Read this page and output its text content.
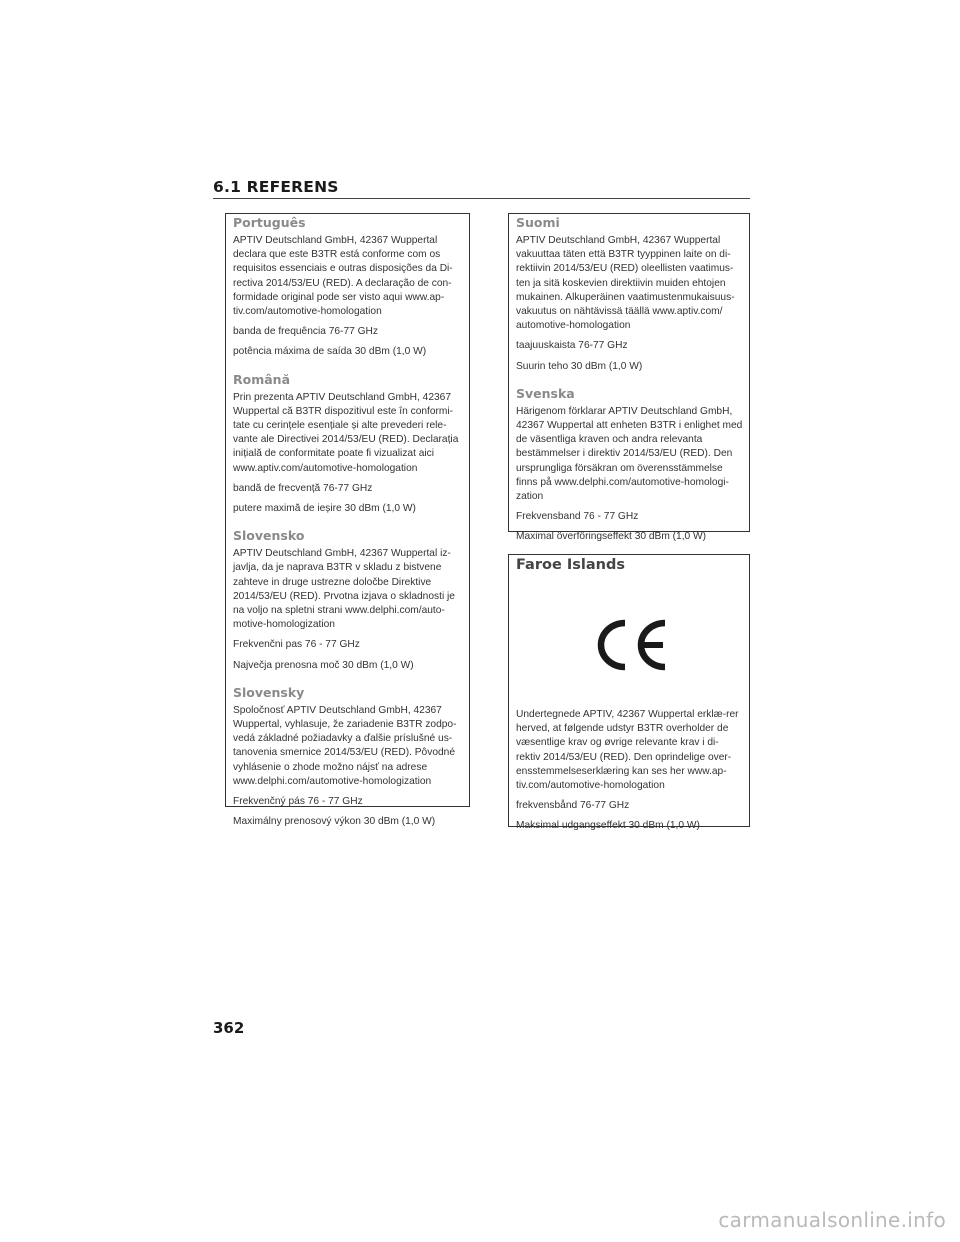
6.1 REFERENS
Português

APTIV Deutschland GmbH, 42367 Wuppertal declara que este B3TR está conforme com os requisitos essenciais e outras disposições da Di-rectiva 2014/53/EU (RED). A declaração de con-formidade original pode ser visto aqui www.ap-tiv.com/automotive-homologation

banda de frequência 76-77 GHz

potência máxima de saída 30 dBm (1,0 W)

Română

Prin prezenta APTIV Deutschland GmbH, 42367 Wuppertal că B3TR dispozitivul este în conformi-tate cu cerințele esențiale și alte prevederi rele-vante ale Directivei 2014/53/EU (RED). Declarația inițială de conformitate poate fi vizualizat aici www.aptiv.com/automotive-homologation

bandă de frecvență 76-77 GHz

putere maximă de ieșire 30 dBm (1,0 W)

Slovensko

APTIV Deutschland GmbH, 42367 Wuppertal iz-javlja, da je naprava B3TR v skladu z bistvene zahteve in druge ustrezne določbe Direktive 2014/53/EU (RED). Prvotna izjava o skladnosti je na voljo na spletni strani www.delphi.com/auto-motive-homologization

Frekvenčni pas 76 - 77 GHz

Največja prenosna moč 30 dBm (1,0 W)

Slovensky

Spoločnosť APTIV Deutschland GmbH, 42367 Wuppertal, vyhlasuje, že zariadenie B3TR zodpo-vedá základné požiadavky a ďalšie príslušné us-tanovenia smernice 2014/53/EU (RED). Pôvodné vyhlásenie o zhode možno nájsť na adrese www.delphi.com/automotive-homologization

Frekvenčný pás 76 - 77 GHz

Maximálny prenosový výkon 30 dBm (1,0 W)

Suomi

APTIV Deutschland GmbH, 42367 Wuppertal vakuuttaa täten että B3TR tyyppinen laite on di-rektiivin 2014/53/EU (RED) oleellisten vaatimus-ten ja sitä koskevien direktiivin muiden ehtojen mukainen. Alkuperäinen vaatimustenmukaisuus-vakuutus on nähtävissä täällä www.aptiv.com/ automotive-homologation

taajuuskaista 76-77 GHz

Suurin teho 30 dBm (1,0 W)

Svenska

Härigenom förklarar APTIV Deutschland GmbH, 42367 Wuppertal att enheten B3TR i enlighet med de väsentliga kraven och andra relevanta bestämmelser i direktiv 2014/53/EU (RED). Den ursprungliga försäkran om överensstämmelse finns på www.delphi.com/automotive-homologi-zation

Frekvensband 76 - 77 GHz

Maximal överföringseffekt 30 dBm (1,0 W)

Faroe Islands

Undertegnede APTIV, 42367 Wuppertal erklæ-rer herved, at følgende udstyr B3TR overholder de væsentlige krav og øvrige relevante krav i di-rektiv 2014/53/EU (RED). Den oprindelige over-ensstemmelseserklæring kan ses her www.ap-tiv.com/automotive-homologation

frekvensbånd 76-77 GHz

Maksimal udgangseffekt 30 dBm (1,0 W)

362
carmanualsonline.info
